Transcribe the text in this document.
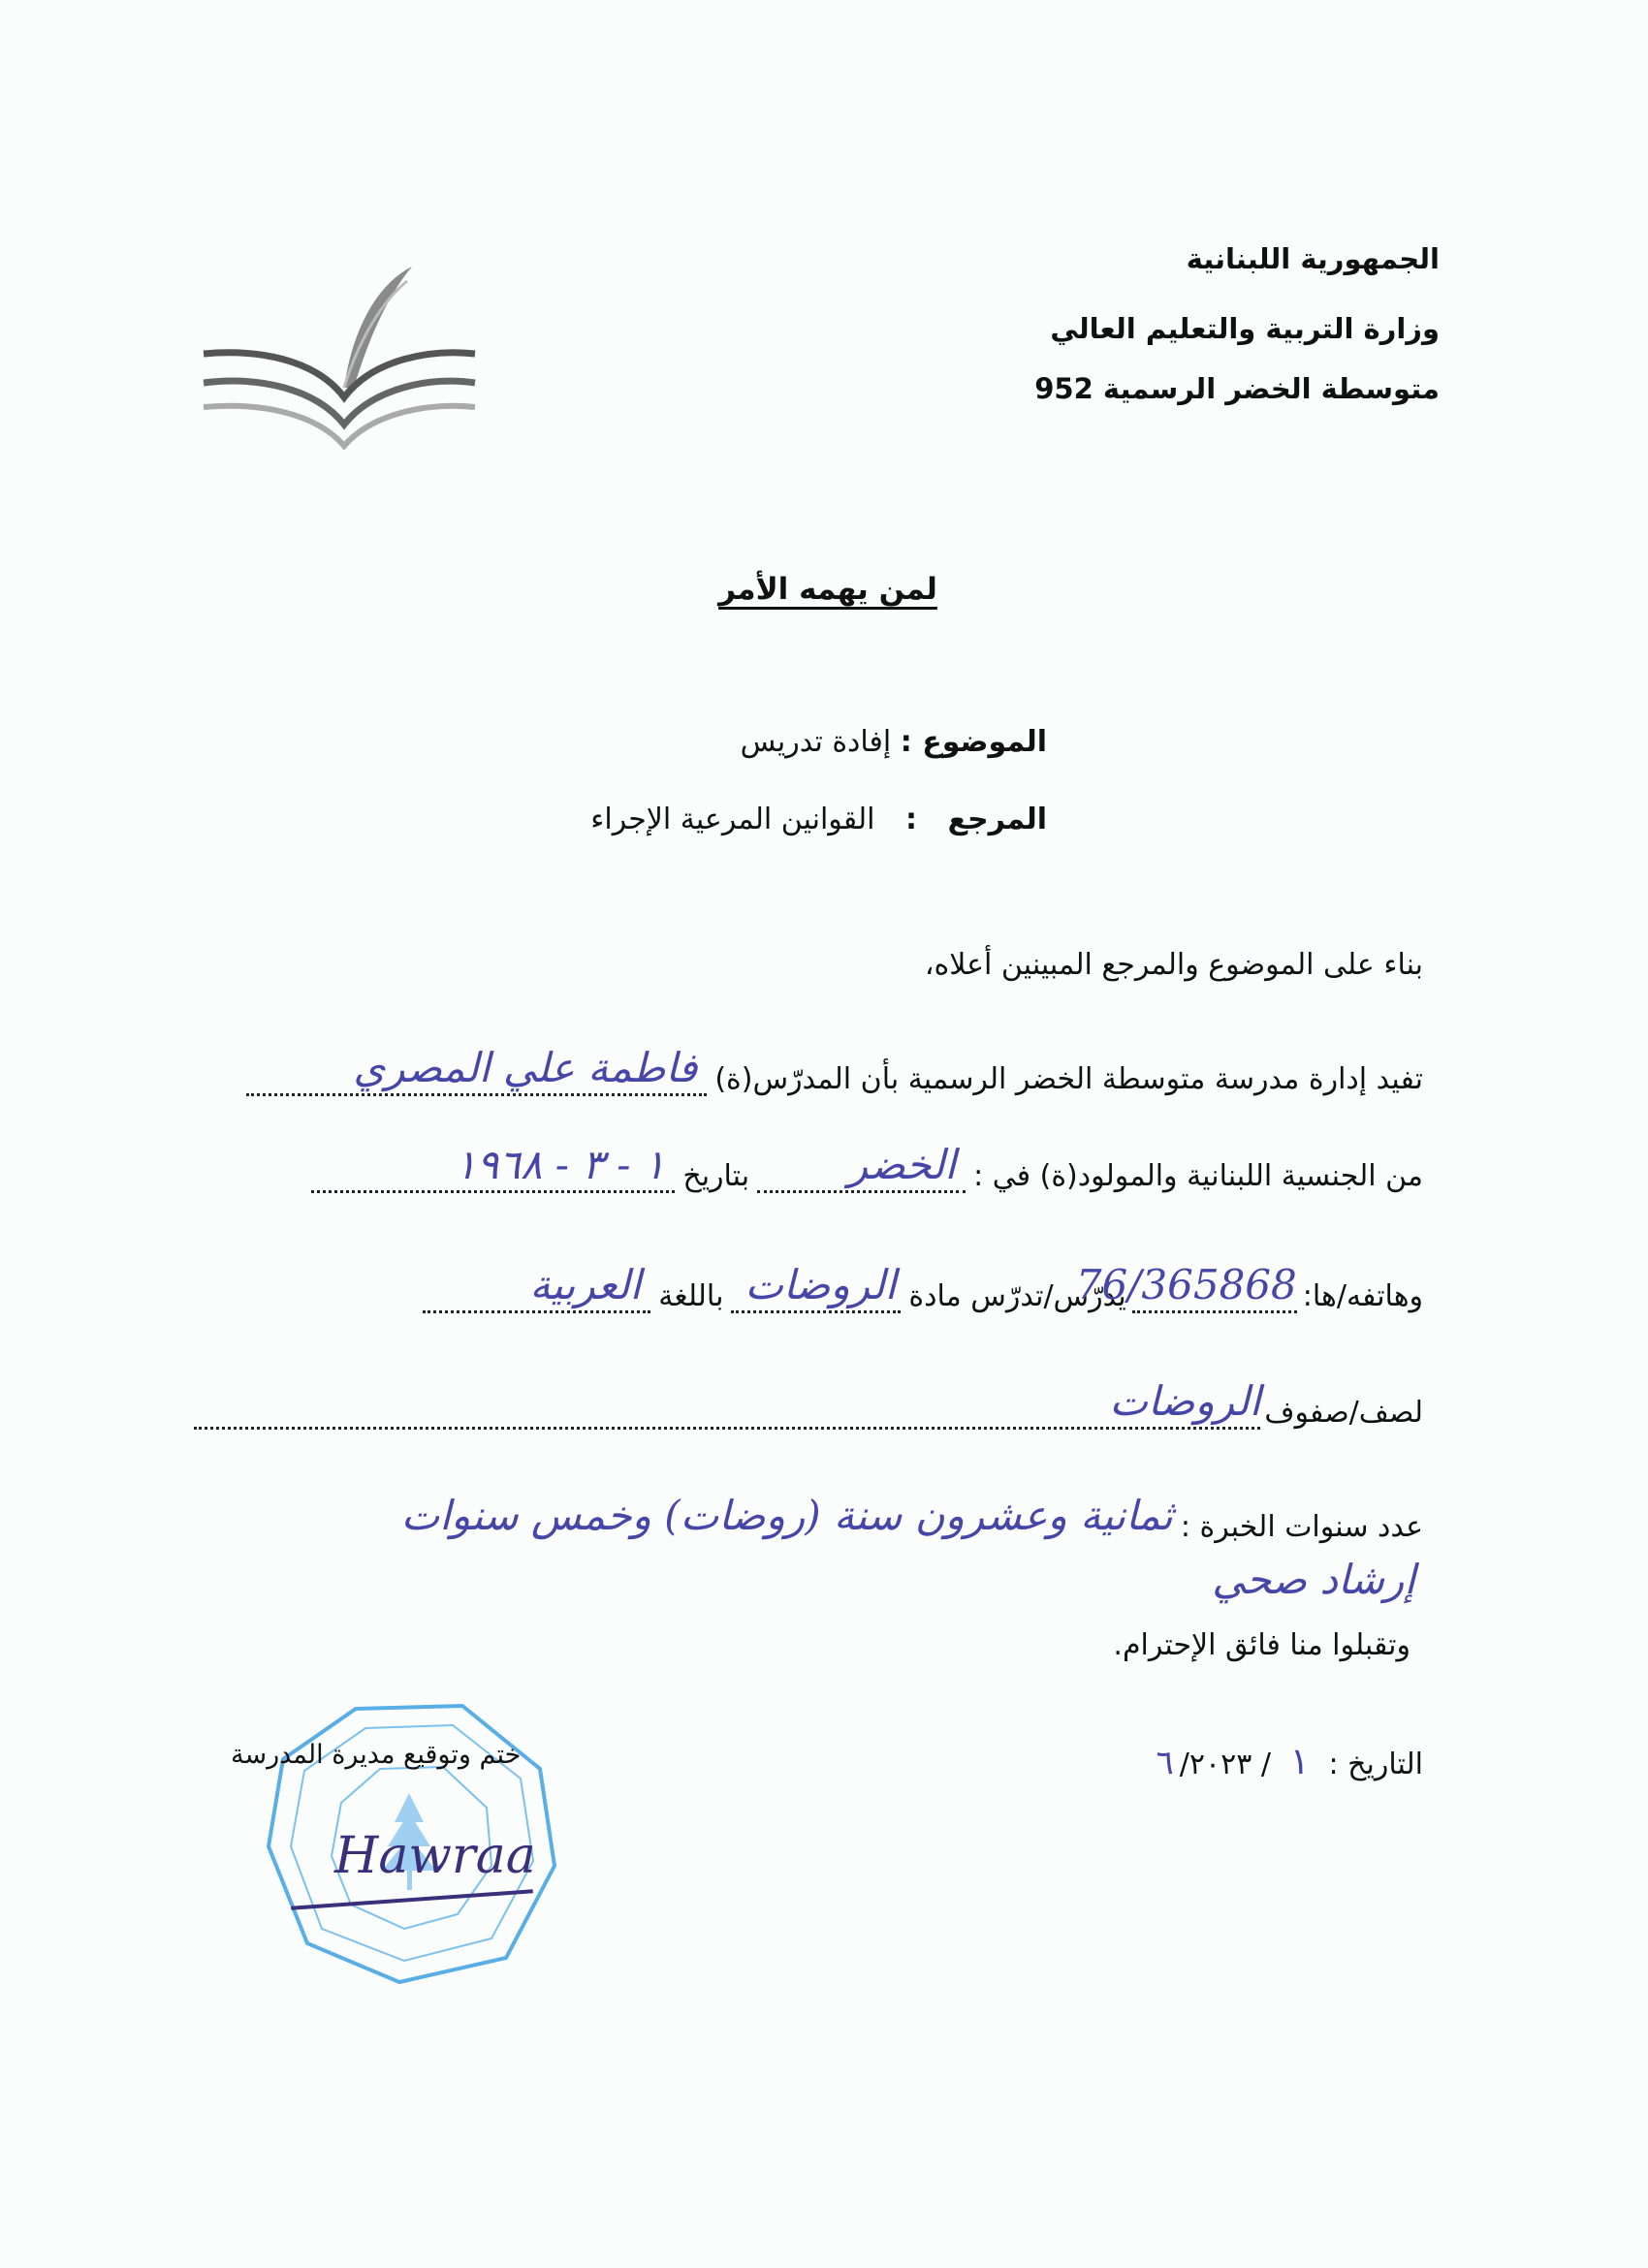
الجمهورية اللبنانية
وزارة التربية والتعليم العالي
متوسطة الخضر الرسمية 952
لمن يهمه الأمر
الموضوع : إفادة تدريس
المرجع : القوانين المرعية الإجراء
بناء على الموضوع والمرجع المبينين أعلاه،
تفيد إدارة مدرسة متوسطة الخضر الرسمية بأن المدرّس(ة)
فاطمة علي المصري
من الجنسية اللبنانية والمولود(ة) في :
الخضر
بتاريخ
١ - ٣ - ١٩٦٨
وهاتفه/ها:
76/365868
يدرّس/تدرّس مادة
الروضات
باللغة
العربية
لصف/صفوف
الروضات
عدد سنوات الخبرة :
ثمانية وعشرون سنة (روضات) وخمس سنوات
إرشاد صحي
وتقبلوا منا فائق الإحترام.
التاريخ : ١ / ٦ /٢٠٢٣
Hawraa
ختم وتوقيع مديرة المدرسة
